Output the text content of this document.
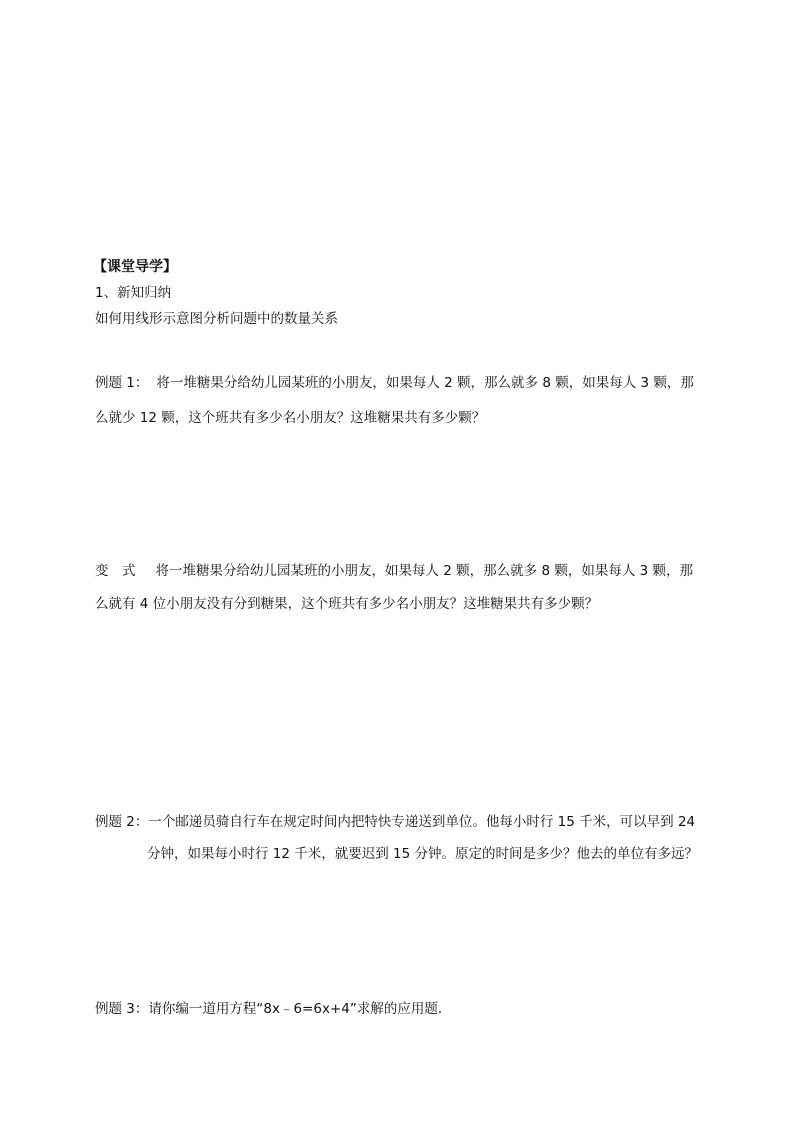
【课堂导学】

1、新知归纳

如何用线形示意图分析问题中的数量关系

例题 1： 将一堆糖果分给幼儿园某班的小朋友，如果每人 2 颗，那么就多 8 颗，如果每人 3 颗，那

么就少 12 颗，这个班共有多少名小朋友？这堆糖果共有多少颗？

变　式 将一堆糖果分给幼儿园某班的小朋友，如果每人 2 颗，那么就多 8 颗，如果每人 3 颗，那

么就有 4 位小朋友没有分到糖果，这个班共有多少名小朋友？这堆糖果共有多少颗？

例题 2：一个邮递员骑自行车在规定时间内把特快专递送到单位。他每小时行 15 千米，可以早到 24

分钟，如果每小时行 12 千米，就要迟到 15 分钟。原定的时间是多少？他去的单位有多远？

例题 3：请你编一道用方程“8x﹣6=6x+4”求解的应用题.
